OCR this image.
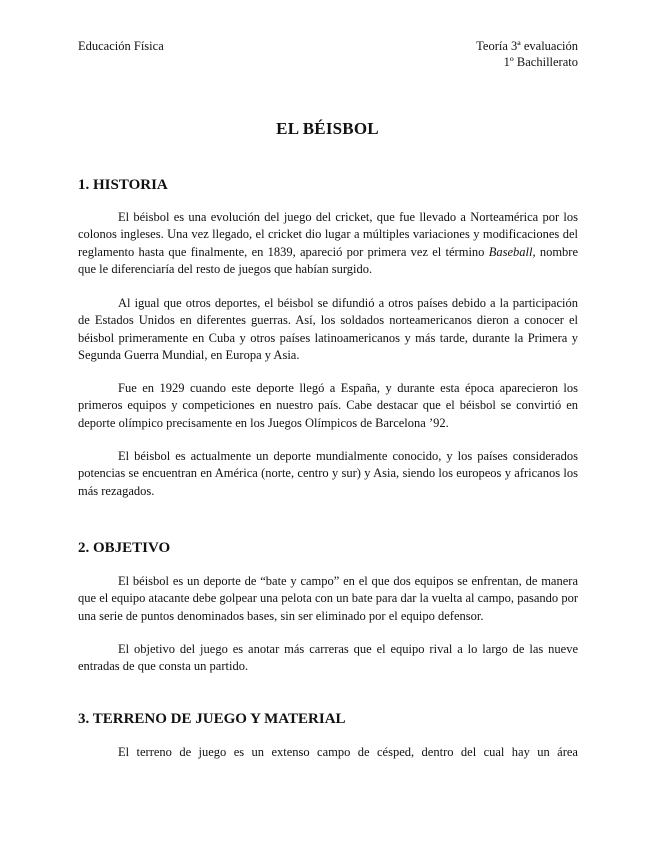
Educación Física	Teoría 3ª evaluación
1º Bachillerato
EL BÉISBOL
1. HISTORIA

El béisbol es una evolución del juego del cricket, que fue llevado a Norteamérica por los colonos ingleses. Una vez llegado, el cricket dio lugar a múltiples variaciones y modificaciones del reglamento hasta que finalmente, en 1839, apareció por primera vez el término Baseball, nombre que le diferenciaría del resto de juegos que habían surgido.

Al igual que otros deportes, el béisbol se difundió a otros países debido a la participación de Estados Unidos en diferentes guerras. Así, los soldados norteamericanos dieron a conocer el béisbol primeramente en Cuba y otros países latinoamericanos y más tarde, durante la Primera y Segunda Guerra Mundial, en Europa y Asia.

Fue en 1929 cuando este deporte llegó a España, y durante esta época aparecieron los primeros equipos y competiciones en nuestro país. Cabe destacar que el béisbol se convirtió en deporte olímpico precisamente en los Juegos Olímpicos de Barcelona ’92.

El béisbol es actualmente un deporte mundialmente conocido, y los países considerados potencias se encuentran en América (norte, centro y sur) y Asia, siendo los europeos y africanos los más rezagados.

2. OBJETIVO

El béisbol es un deporte de “bate y campo” en el que dos equipos se enfrentan, de manera que el equipo atacante debe golpear una pelota con un bate para dar la vuelta al campo, pasando por una serie de puntos denominados bases, sin ser eliminado por el equipo defensor.

El objetivo del juego es anotar más carreras que el equipo rival a lo largo de las nueve entradas de que consta un partido.

3. TERRENO DE JUEGO Y MATERIAL

El terreno de juego es un extenso campo de césped, dentro del cual hay un área
